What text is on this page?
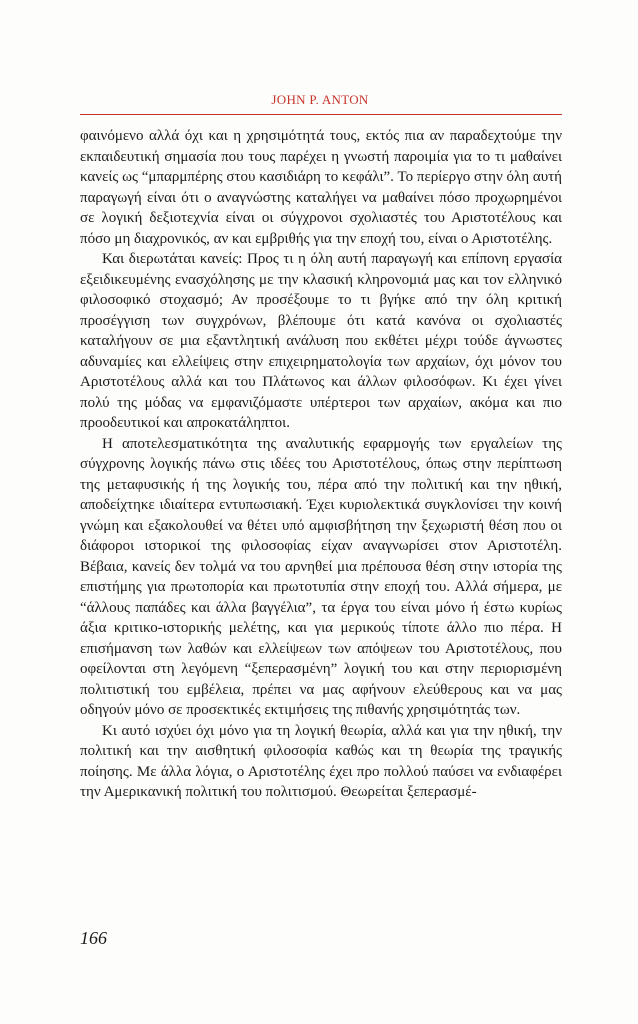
JOHN P. ANTON

φαινόμενο αλλά όχι και η χρησιμότητά τους, εκτός πια αν παραδεχτούμε την εκπαιδευτική σημασία που τους παρέχει η γνωστή παροιμία για το τι μαθαίνει κανείς ως “μπαρμπέρης στου κασιδιάρη το κεφάλι”. Το περίεργο στην όλη αυτή παραγωγή είναι ότι ο αναγνώστης καταλήγει να μαθαίνει πόσο προχωρημένοι σε λογική δεξιοτεχνία είναι οι σύγχρονοι σχολιαστές του Αριστοτέλους και πόσο μη διαχρονικός, αν και εμβριθής για την εποχή του, είναι ο Αριστοτέλης.

Και διερωτάται κανείς: Προς τι η όλη αυτή παραγωγή και επίπονη εργασία εξειδικευμένης ενασχόλησης με την κλασική κληρονομιά μας και τον ελληνικό φιλοσοφικό στοχασμό; Αν προσέξουμε το τι βγήκε από την όλη κριτική προσέγγιση των συγχρόνων, βλέπουμε ότι κατά κανόνα οι σχολιαστές καταλήγουν σε μια εξαντλητική ανάλυση που εκθέτει μέχρι τούδε άγνωστες αδυναμίες και ελλείψεις στην επιχειρηματολογία των αρχαίων, όχι μόνον του Αριστοτέλους αλλά και του Πλάτωνος και άλλων φιλοσόφων. Κι έχει γίνει πολύ της μόδας να εμφανιζόμαστε υπέρτεροι των αρχαίων, ακόμα και πιο προοδευτικοί και απροκατάληπτοι.

Η αποτελεσματικότητα της αναλυτικής εφαρμογής των εργαλείων της σύγχρονης λογικής πάνω στις ιδέες του Αριστοτέλους, όπως στην περίπτωση της μεταφυσικής ή της λογικής του, πέρα από την πολιτική και την ηθική, αποδείχτηκε ιδιαίτερα εντυπωσιακή. Έχει κυριολεκτικά συγκλονίσει την κοινή γνώμη και εξακολουθεί να θέτει υπό αμφισβήτηση την ξεχωριστή θέση που οι διάφοροι ιστορικοί της φιλοσοφίας είχαν αναγνωρίσει στον Αριστοτέλη. Βέβαια, κανείς δεν τολμά να του αρνηθεί μια πρέπουσα θέση στην ιστορία της επιστήμης για πρωτοπορία και πρωτοτυπία στην εποχή του. Αλλά σήμερα, με “άλλους παπάδες και άλλα βαγγέλια”, τα έργα του είναι μόνο ή έστω κυρίως άξια κριτικο-ιστορικής μελέτης, και για μερικούς τίποτε άλλο πιο πέρα. Η επισήμανση των λαθών και ελλείψεων των απόψεων του Αριστοτέλους, που οφείλονται στη λεγόμενη “ξεπερασμένη” λογική του και στην περιορισμένη πολιτιστική του εμβέλεια, πρέπει να μας αφήνουν ελεύθερους και να μας οδηγούν μόνο σε προσεκτικές εκτιμήσεις της πιθανής χρησιμότητάς των.

Κι αυτό ισχύει όχι μόνο για τη λογική θεωρία, αλλά και για την ηθική, την πολιτική και την αισθητική φιλοσοφία καθώς και τη θεωρία της τραγικής ποίησης. Με άλλα λόγια, ο Αριστοτέλης έχει προ πολλού παύσει να ενδιαφέρει την Αμερικανική πολιτική του πολιτισμού. Θεωρείται ξεπερασμέ-

166
